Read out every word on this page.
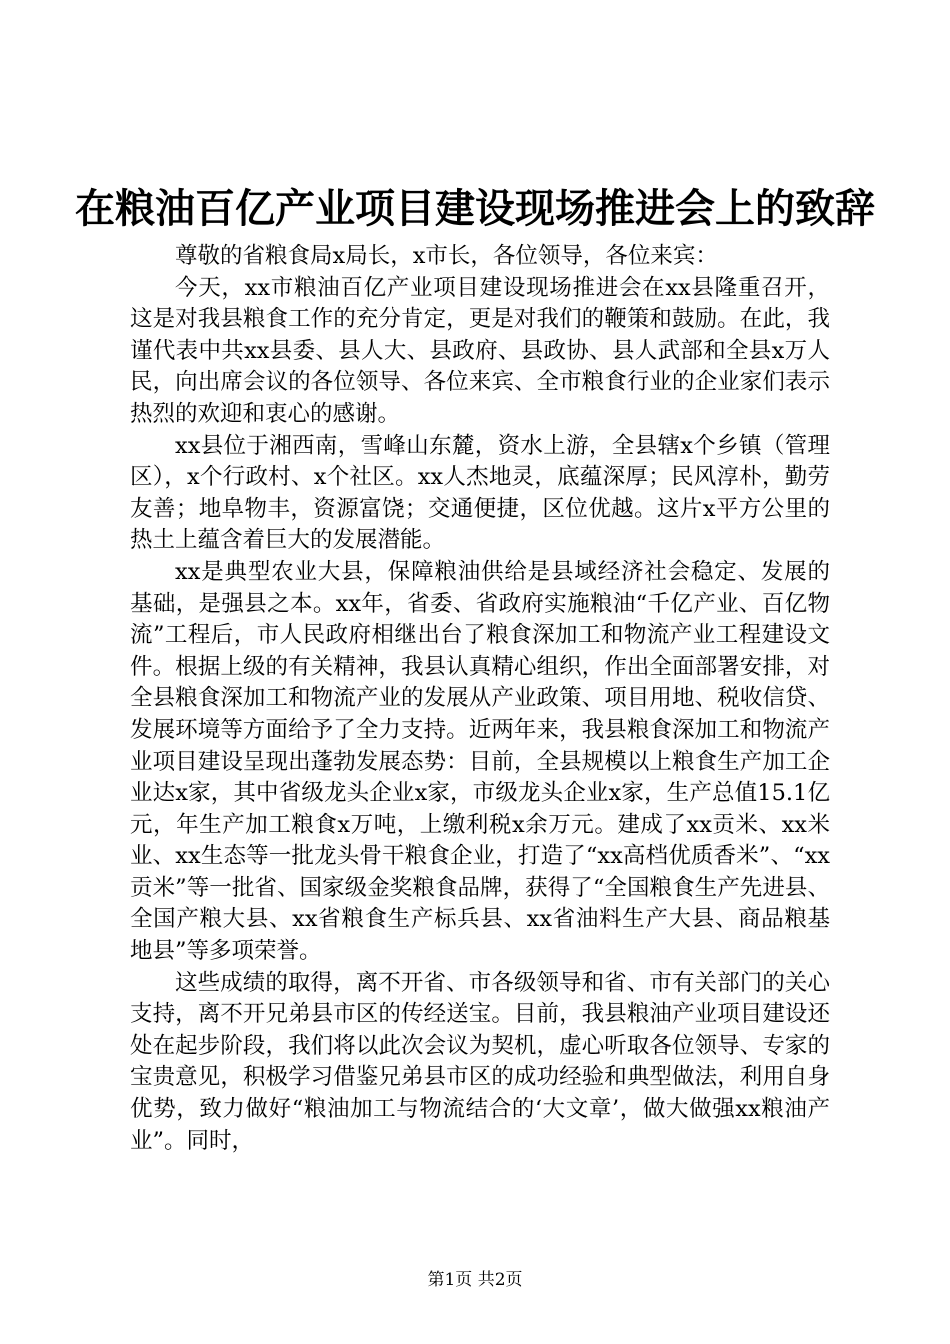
在粮油百亿产业项目建设现场推进会上的致辞

尊敬的省粮食局x局长，x市长，各位领导，各位来宾：

今天，xx市粮油百亿产业项目建设现场推进会在xx县隆重召开，这是对我县粮食工作的充分肯定，更是对我们的鞭策和鼓励。在此，我谨代表中共xx县委、县人大、县政府、县政协、县人武部和全县x万人民，向出席会议的各位领导、各位来宾、全市粮食行业的企业家们表示热烈的欢迎和衷心的感谢。

xx县位于湘西南，雪峰山东麓，资水上游，全县辖x个乡镇（管理区），x个行政村、x个社区。xx人杰地灵，底蕴深厚；民风淳朴，勤劳友善；地阜物丰，资源富饶；交通便捷，区位优越。这片x平方公里的热土上蕴含着巨大的发展潜能。

xx是典型农业大县，保障粮油供给是县域经济社会稳定、发展的基础，是强县之本。xx年，省委、省政府实施粮油“千亿产业、百亿物流”工程后，市人民政府相继出台了粮食深加工和物流产业工程建设文件。根据上级的有关精神，我县认真精心组织，作出全面部署安排，对全县粮食深加工和物流产业的发展从产业政策、项目用地、税收信贷、发展环境等方面给予了全力支持。近两年来，我县粮食深加工和物流产业项目建设呈现出蓬勃发展态势：目前，全县规模以上粮食生产加工企业达x家，其中省级龙头企业x家，市级龙头企业x家，生产总值15.1亿元，年生产加工粮食x万吨，上缴利税x余万元。建成了xx贡米、xx米业、xx生态等一批龙头骨干粮食企业，打造了“xx高档优质香米”、“xx贡米”等一批省、国家级金奖粮食品牌，获得了“全国粮食生产先进县、全国产粮大县、xx省粮食生产标兵县、xx省油料生产大县、商品粮基地县”等多项荣誉。

这些成绩的取得，离不开省、市各级领导和省、市有关部门的关心支持，离不开兄弟县市区的传经送宝。目前，我县粮油产业项目建设还处在起步阶段，我们将以此次会议为契机，虚心听取各位领导、专家的宝贵意见，积极学习借鉴兄弟县市区的成功经验和典型做法，利用自身优势，致力做好“粮油加工与物流结合的‘大文章’，做大做强xx粮油产业”。同时，

第1页 共2页
